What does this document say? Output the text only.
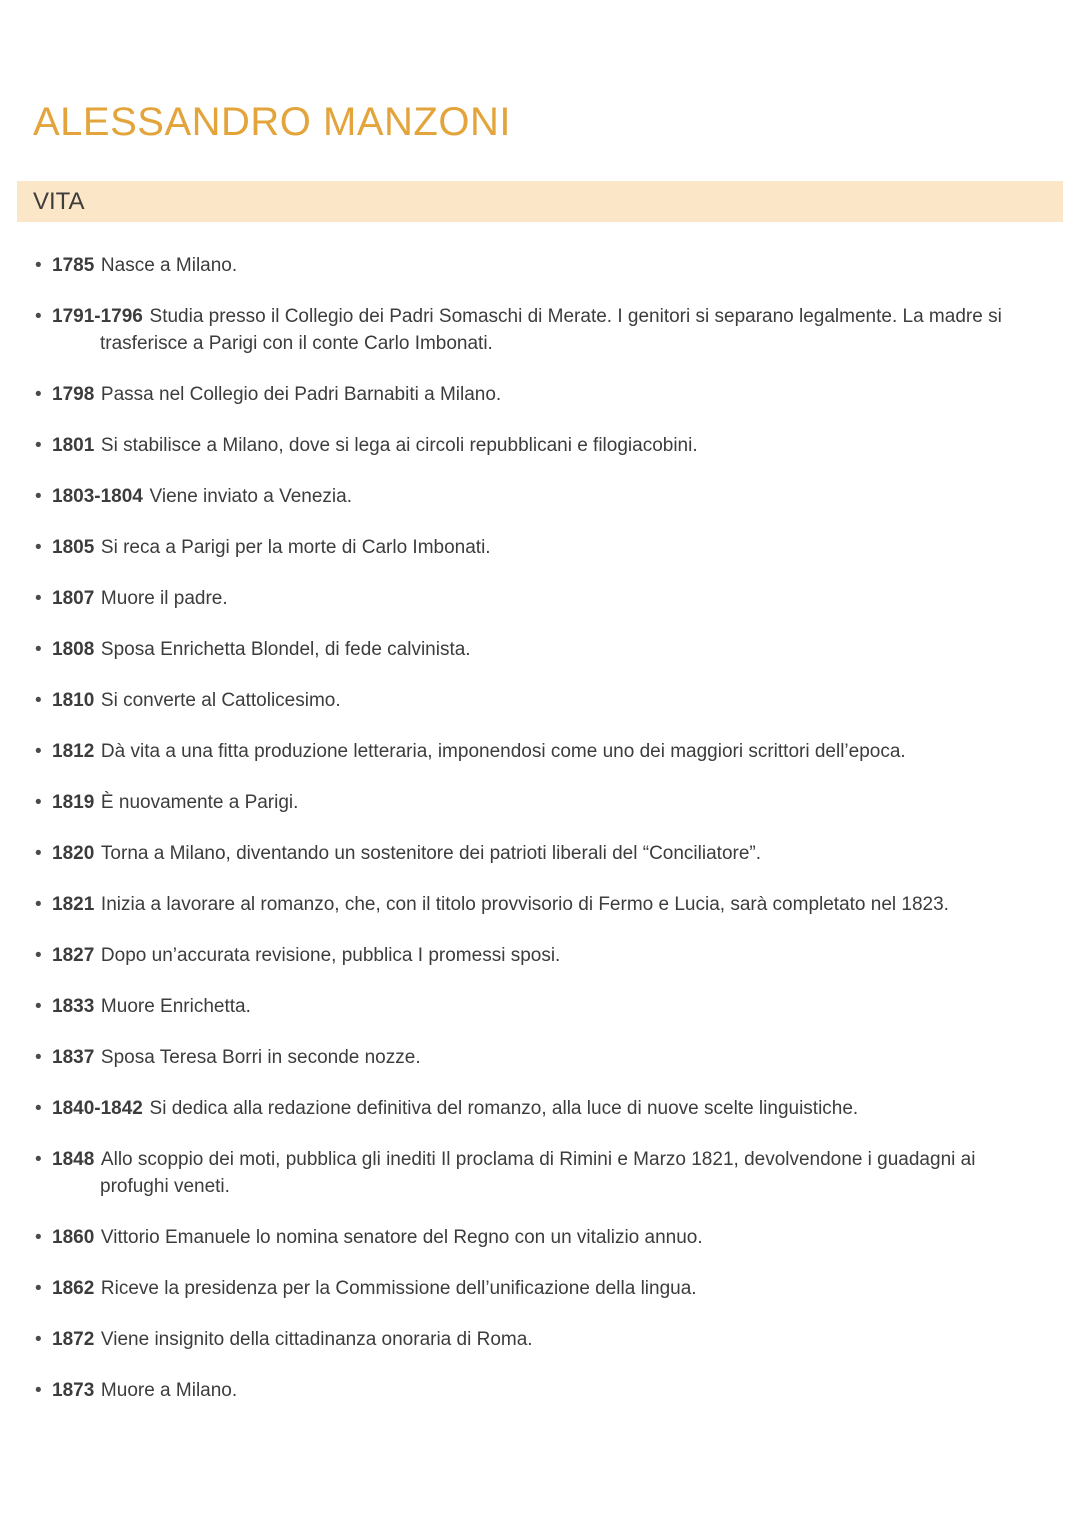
ALESSANDRO MANZONI
VITA
• 1785 Nasce a Milano.
• 1791-1796 Studia presso il Collegio dei Padri Somaschi di Merate. I genitori si separano legalmente. La madre si trasferisce a Parigi con il conte Carlo Imbonati.
• 1798 Passa nel Collegio dei Padri Barnabiti a Milano.
• 1801 Si stabilisce a Milano, dove si lega ai circoli repubblicani e filogiacobini.
• 1803-1804 Viene inviato a Venezia.
• 1805 Si reca a Parigi per la morte di Carlo Imbonati.
• 1807 Muore il padre.
• 1808 Sposa Enrichetta Blondel, di fede calvinista.
• 1810 Si converte al Cattolicesimo.
• 1812 Dà vita a una fitta produzione letteraria, imponendosi come uno dei maggiori scrittori dell’epoca.
• 1819 È nuovamente a Parigi.
• 1820 Torna a Milano, diventando un sostenitore dei patrioti liberali del “Conciliatore”.
• 1821 Inizia a lavorare al romanzo, che, con il titolo provvisorio di Fermo e Lucia, sarà completato nel 1823.
• 1827 Dopo un’accurata revisione, pubblica I promessi sposi.
• 1833 Muore Enrichetta.
• 1837 Sposa Teresa Borri in seconde nozze.
• 1840-1842 Si dedica alla redazione definitiva del romanzo, alla luce di nuove scelte linguistiche.
• 1848 Allo scoppio dei moti, pubblica gli inediti Il proclama di Rimini e Marzo 1821, devolvendone i guadagni ai profughi veneti.
• 1860 Vittorio Emanuele lo nomina senatore del Regno con un vitalizio annuo.
• 1862 Riceve la presidenza per la Commissione dell’unificazione della lingua.
• 1872 Viene insignito della cittadinanza onoraria di Roma.
• 1873 Muore a Milano.
